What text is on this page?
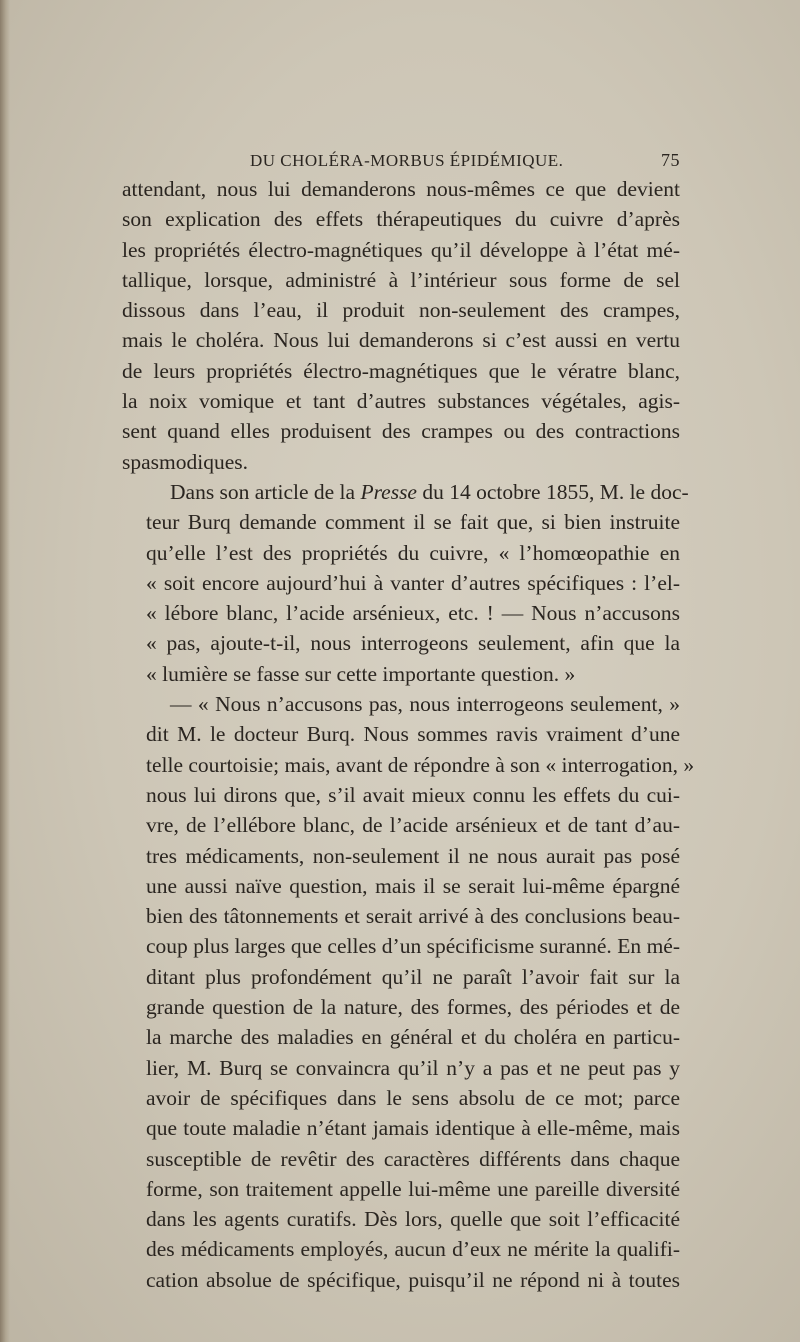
DU CHOLÉRA-MORBUS ÉPIDÉMIQUE.	75

attendant, nous lui demanderons nous-mêmes ce que devient
son explication des effets thérapeutiques du cuivre d’après
les propriétés électro-magnétiques qu’il développe à l’état mé-
tallique, lorsque, administré à l’intérieur sous forme de sel
dissous dans l’eau, il produit non-seulement des crampes,
mais le choléra. Nous lui demanderons si c’est aussi en vertu
de leurs propriétés électro-magnétiques que le vératre blanc,
la noix vomique et tant d’autres substances végétales, agis-
sent quand elles produisent des crampes ou des contractions
spasmodiques.

Dans son article de la Presse du 14 octobre 1855, M. le doc-
teur Burq demande comment il se fait que, si bien instruite
qu’elle l’est des propriétés du cuivre, « l’homœopathie en
« soit encore aujourd’hui à vanter d’autres spécifiques : l’el-
« lébore blanc, l’acide arsénieux, etc. ! — Nous n’accusons
« pas, ajoute-t-il, nous interrogeons seulement, afin que la
« lumière se fasse sur cette importante question. »

— « Nous n’accusons pas, nous interrogeons seulement, »
dit M. le docteur Burq. Nous sommes ravis vraiment d’une
telle courtoisie; mais, avant de répondre à son « interrogation, »
nous lui dirons que, s’il avait mieux connu les effets du cui-
vre, de l’ellébore blanc, de l’acide arsénieux et de tant d’au-
tres médicaments, non-seulement il ne nous aurait pas posé
une aussi naïve question, mais il se serait lui-même épargné
bien des tâtonnements et serait arrivé à des conclusions beau-
coup plus larges que celles d’un spécificisme suranné. En mé-
ditant plus profondément qu’il ne paraît l’avoir fait sur la
grande question de la nature, des formes, des périodes et de
la marche des maladies en général et du choléra en particu-
lier, M. Burq se convaincra qu’il n’y a pas et ne peut pas y
avoir de spécifiques dans le sens absolu de ce mot; parce
que toute maladie n’étant jamais identique à elle-même, mais
susceptible de revêtir des caractères différents dans chaque
forme, son traitement appelle lui-même une pareille diversité
dans les agents curatifs. Dès lors, quelle que soit l’efficacité
des médicaments employés, aucun d’eux ne mérite la qualifi-
cation absolue de spécifique, puisqu’il ne répond ni à toutes
